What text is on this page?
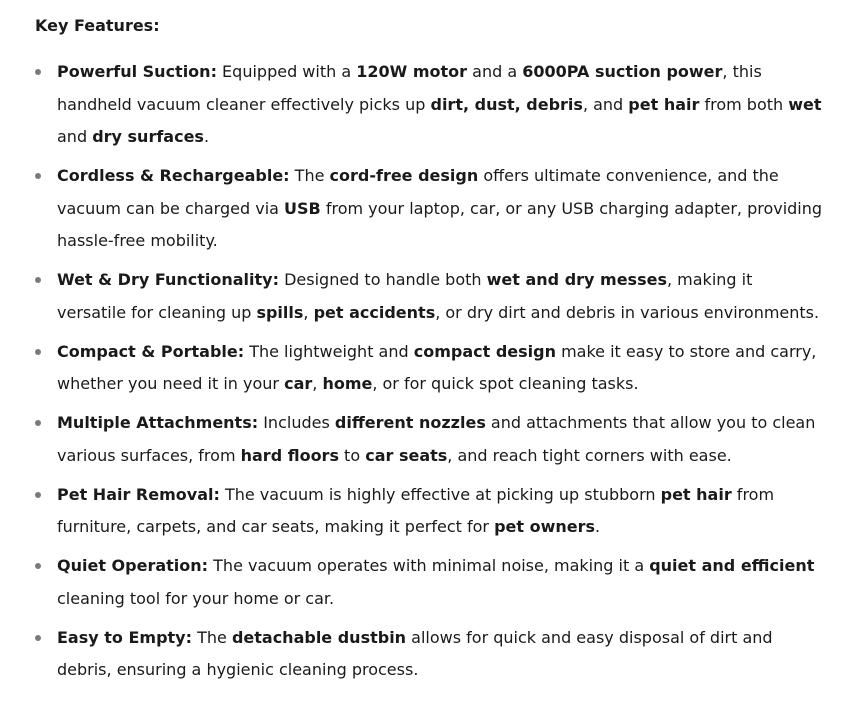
Key Features:
Powerful Suction: Equipped with a 120W motor and a 6000PA suction power, this handheld vacuum cleaner effectively picks up dirt, dust, debris, and pet hair from both wet and dry surfaces.
Cordless & Rechargeable: The cord-free design offers ultimate convenience, and the vacuum can be charged via USB from your laptop, car, or any USB charging adapter, providing hassle-free mobility.
Wet & Dry Functionality: Designed to handle both wet and dry messes, making it versatile for cleaning up spills, pet accidents, or dry dirt and debris in various environments.
Compact & Portable: The lightweight and compact design make it easy to store and carry, whether you need it in your car, home, or for quick spot cleaning tasks.
Multiple Attachments: Includes different nozzles and attachments that allow you to clean various surfaces, from hard floors to car seats, and reach tight corners with ease.
Pet Hair Removal: The vacuum is highly effective at picking up stubborn pet hair from furniture, carpets, and car seats, making it perfect for pet owners.
Quiet Operation: The vacuum operates with minimal noise, making it a quiet and efficient cleaning tool for your home or car.
Easy to Empty: The detachable dustbin allows for quick and easy disposal of dirt and debris, ensuring a hygienic cleaning process.
